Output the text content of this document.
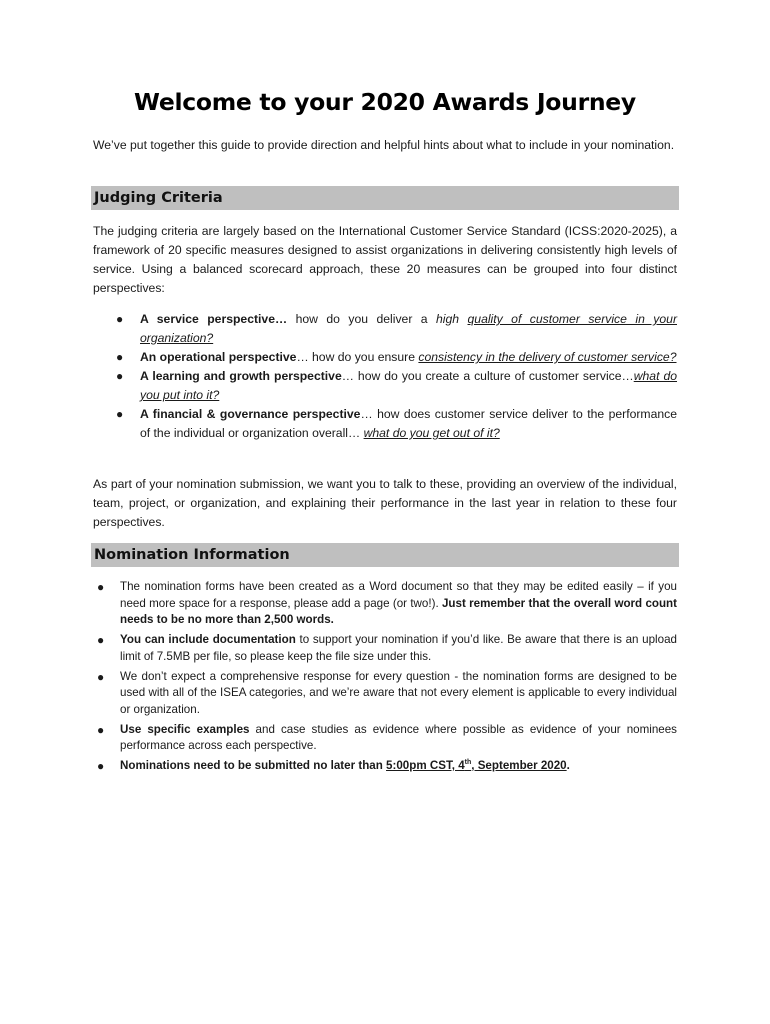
Welcome to your 2020 Awards Journey

We’ve put together this guide to provide direction and helpful hints about what to include in your nomination.

Judging Criteria

The judging criteria are largely based on the International Customer Service Standard (ICSS:2020-2025), a framework of 20 specific measures designed to assist organizations in delivering consistently high levels of service. Using a balanced scorecard approach, these 20 measures can be grouped into four distinct perspectives:

● A service perspective… how do you deliver a high quality of customer service in your organization?
● An operational perspective… how do you ensure consistency in the delivery of customer service?
● A learning and growth perspective… how do you create a culture of customer service…what do you put into it?
● A financial & governance perspective… how does customer service deliver to the performance of the individual or organization overall… what do you get out of it?

As part of your nomination submission, we want you to talk to these, providing an overview of the individual, team, project, or organization, and explaining their performance in the last year in relation to these four perspectives.

Nomination Information
● The nomination forms have been created as a Word document so that they may be edited easily – if you need more space for a response, please add a page (or two!). Just remember that the overall word count needs to be no more than 2,500 words.
● You can include documentation to support your nomination if you’d like. Be aware that there is an upload limit of 7.5MB per file, so please keep the file size under this.
● We don’t expect a comprehensive response for every question - the nomination forms are designed to be used with all of the ISEA categories, and we’re aware that not every element is applicable to every individual or organization.
● Use specific examples and case studies as evidence where possible as evidence of your nominees performance across each perspective.
● Nominations need to be submitted no later than 5:00pm CST, 4th, September 2020.
